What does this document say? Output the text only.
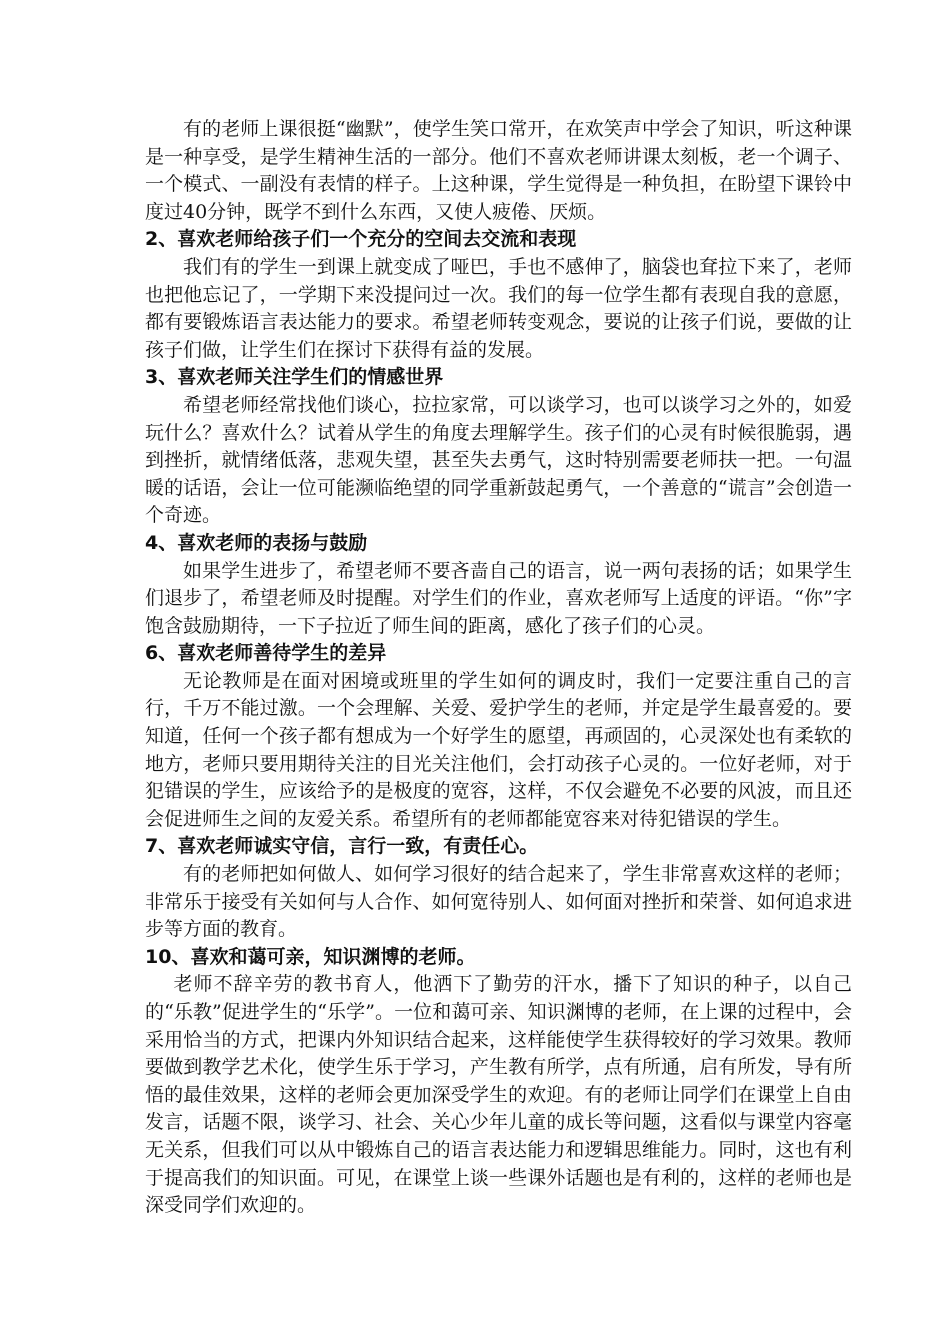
有的老师上课很挺“幽默”，使学生笑口常开，在欢笑声中学会了知识，听这种课是一种享受，是学生精神生活的一部分。他们不喜欢老师讲课太刻板，老一个调子、一个模式、一副没有表情的样子。上这种课，学生觉得是一种负担，在盼望下课铃中度过40分钟，既学不到什么东西，又使人疲倦、厌烦。

2、喜欢老师给孩子们一个充分的空间去交流和表现

我们有的学生一到课上就变成了哑巴，手也不感伸了，脑袋也耷拉下来了，老师也把他忘记了，一学期下来没提问过一次。我们的每一位学生都有表现自我的意愿，都有要锻炼语言表达能力的要求。希望老师转变观念，要说的让孩子们说，要做的让孩子们做，让学生们在探讨下获得有益的发展。

3、喜欢老师关注学生们的情感世界

希望老师经常找他们谈心，拉拉家常，可以谈学习，也可以谈学习之外的，如爱玩什么？喜欢什么？试着从学生的角度去理解学生。孩子们的心灵有时候很脆弱，遇到挫折，就情绪低落，悲观失望，甚至失去勇气，这时特别需要老师扶一把。一句温暖的话语，会让一位可能濒临绝望的同学重新鼓起勇气，一个善意的“谎言”会创造一个奇迹。

4、喜欢老师的表扬与鼓励

如果学生进步了，希望老师不要吝啬自己的语言，说一两句表扬的话；如果学生们退步了，希望老师及时提醒。对学生们的作业，喜欢老师写上适度的评语。“你”字饱含鼓励期待，一下子拉近了师生间的距离，感化了孩子们的心灵。

6、喜欢老师善待学生的差异

无论教师是在面对困境或班里的学生如何的调皮时，我们一定要注重自己的言行，千万不能过激。一个会理解、关爱、爱护学生的老师，并定是学生最喜爱的。要知道，任何一个孩子都有想成为一个好学生的愿望，再顽固的，心灵深处也有柔软的地方，老师只要用期待关注的目光关注他们，会打动孩子心灵的。一位好老师，对于犯错误的学生，应该给予的是极度的宽容，这样，不仅会避免不必要的风波，而且还会促进师生之间的友爱关系。希望所有的老师都能宽容来对待犯错误的学生。

7、喜欢老师诚实守信，言行一致，有责任心。

有的老师把如何做人、如何学习很好的结合起来了，学生非常喜欢这样的老师；非常乐于接受有关如何与人合作、如何宽待别人、如何面对挫折和荣誉、如何追求进步等方面的教育。

10、喜欢和蔼可亲，知识渊博的老师。

老师不辞辛劳的教书育人，他洒下了勤劳的汗水，播下了知识的种子，以自己的“乐教”促进学生的“乐学”。一位和蔼可亲、知识渊博的老师，在上课的过程中，会采用恰当的方式，把课内外知识结合起来，这样能使学生获得较好的学习效果。教师要做到教学艺术化，使学生乐于学习，产生教有所学，点有所通，启有所发，导有所悟的最佳效果，这样的老师会更加深受学生的欢迎。有的老师让同学们在课堂上自由发言，话题不限，谈学习、社会、关心少年儿童的成长等问题，这看似与课堂内容毫无关系，但我们可以从中锻炼自己的语言表达能力和逻辑思维能力。同时，这也有利于提高我们的知识面。可见，在课堂上谈一些课外话题也是有利的，这样的老师也是深受同学们欢迎的。
